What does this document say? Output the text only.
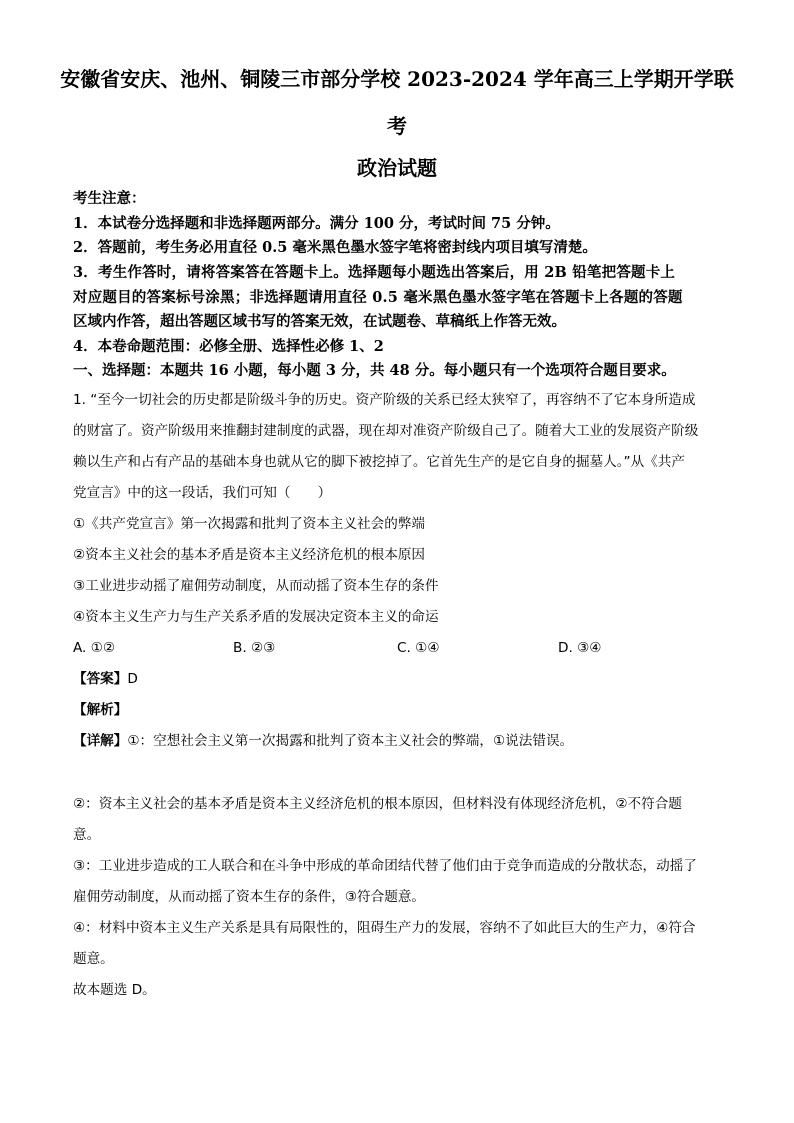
安徽省安庆、池州、铜陵三市部分学校 2023-2024 学年高三上学期开学联
考
政治试题
考生注意：
1．本试卷分选择题和非选择题两部分。满分 100 分，考试时间 75 分钟。
2．答题前，考生务必用直径 0.5 毫米黑色墨水签字笔将密封线内项目填写清楚。
3．考生作答时，请将答案答在答题卡上。选择题每小题选出答案后，用 2B 铅笔把答题卡上
对应题目的答案标号涂黑；非选择题请用直径 0.5 毫米黑色墨水签字笔在答题卡上各题的答题
区域内作答，超出答题区域书写的答案无效，在试题卷、草稿纸上作答无效。
4．本卷命题范围：必修全册、选择性必修 1、2
一、选择题：本题共 16 小题，每小题 3 分，共 48 分。每小题只有一个选项符合题目要求。
1. “至今一切社会的历史都是阶级斗争的历史。资产阶级的关系已经太狭窄了，再容纳不了它本身所造成
的财富了。资产阶级用来推翻封建制度的武器，现在却对准资产阶级自己了。随着大工业的发展资产阶级
赖以生产和占有产品的基础本身也就从它的脚下被挖掉了。它首先生产的是它自身的掘墓人。”从《共产
党宣言》中的这一段话，我们可知（　　）
①《共产党宣言》第一次揭露和批判了资本主义社会的弊端
②资本主义社会的基本矛盾是资本主义经济危机的根本原因
③工业进步动摇了雇佣劳动制度，从而动摇了资本生存的条件
④资本主义生产力与生产关系矛盾的发展决定资本主义的命运
A. ①②	B. ②③	C. ①④	D. ③④
【答案】D
【解析】
【详解】①：空想社会主义第一次揭露和批判了资本主义社会的弊端，①说法错误。
②：资本主义社会的基本矛盾是资本主义经济危机的根本原因，但材料没有体现经济危机，②不符合题
意。
③：工业进步造成的工人联合和在斗争中形成的革命团结代替了他们由于竞争而造成的分散状态，动摇了
雇佣劳动制度，从而动摇了资本生存的条件，③符合题意。
④：材料中资本主义生产关系是具有局限性的，阻碍生产力的发展，容纳不了如此巨大的生产力，④符合
题意。
故本题选 D。
